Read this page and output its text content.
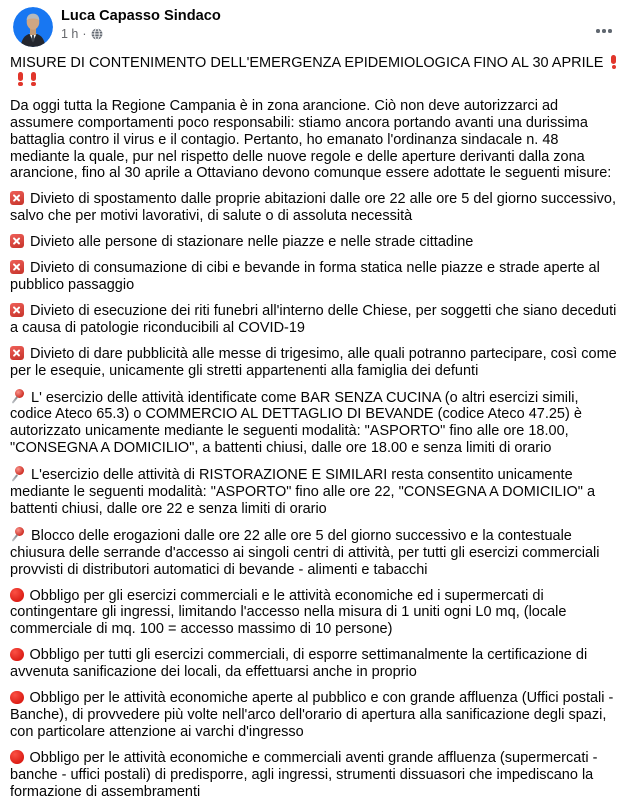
Luca Capasso Sindaco
1 h ·

MISURE DI CONTENIMENTO DELL'EMERGENZA EPIDEMIOLOGICA FINO AL 30 APRILE

Da oggi tutta la Regione Campania è in zona arancione. Ciò non deve autorizzarci ad assumere comportamenti poco responsabili: stiamo ancora portando avanti una durissima battaglia contro il virus e il contagio. Pertanto, ho emanato l'ordinanza sindacale n. 48 mediante la quale, pur nel rispetto delle nuove regole e delle aperture derivanti dalla zona arancione, fino al 30 aprile a Ottaviano devono comunque essere adottate le seguenti misure:

Divieto di spostamento dalle proprie abitazioni dalle ore 22 alle ore 5 del giorno successivo, salvo che per motivi lavorativi, di salute o di assoluta necessità

Divieto alle persone di stazionare nelle piazze e nelle strade cittadine

Divieto di consumazione di cibi e bevande in forma statica nelle piazze e strade aperte al pubblico passaggio

Divieto di esecuzione dei riti funebri all'interno delle Chiese, per soggetti che siano deceduti a causa di patologie riconducibili al COVID-19

Divieto di dare pubblicità alle messe di trigesimo, alle quali potranno partecipare, così come per le esequie, unicamente gli stretti appartenenti alla famiglia dei defunti

L' esercizio delle attività identificate come BAR SENZA CUCINA (o altri esercizi simili, codice Ateco 65.3) o COMMERCIO AL DETTAGLIO DI BEVANDE (codice Ateco 47.25) è autorizzato unicamente mediante le seguenti modalità: "ASPORTO" fino alle ore 18.00, "CONSEGNA A DOMICILIO", a battenti chiusi, dalle ore 18.00 e senza limiti di orario

L'esercizio delle attività di RISTORAZIONE E SIMILARI resta consentito unicamente mediante le seguenti modalità: "ASPORTO" fino alle ore 22, "CONSEGNA A DOMICILIO" a battenti chiusi, dalle ore 22 e senza limiti di orario

Blocco delle erogazioni dalle ore 22 alle ore 5 del giorno successivo e la contestuale chiusura delle serrande d'accesso ai singoli centri di attività, per tutti gli esercizi commerciali provvisti di distributori automatici di bevande - alimenti e tabacchi

Obbligo per gli esercizi commerciali e le attività economiche ed i supermercati di contingentare gli ingressi, limitando l'accesso nella misura di 1 uniti ogni L0 mq, (locale commerciale di mq. 100 = accesso massimo di 10 persone)

Obbligo per tutti gli esercizi commerciali, di esporre settimanalmente la certificazione di avvenuta sanificazione dei locali, da effettuarsi anche in proprio

Obbligo per le attività economiche aperte al pubblico e con grande affluenza (Uffici postali - Banche), di provvedere più volte nell'arco dell'orario di apertura alla sanificazione degli spazi, con particolare attenzione ai varchi d'ingresso

Obbligo per le attività economiche e commerciali aventi grande affluenza (supermercati - banche - uffici postali) di predisporre, agli ingressi, strumenti dissuasori che impediscano la formazione di assembramenti
